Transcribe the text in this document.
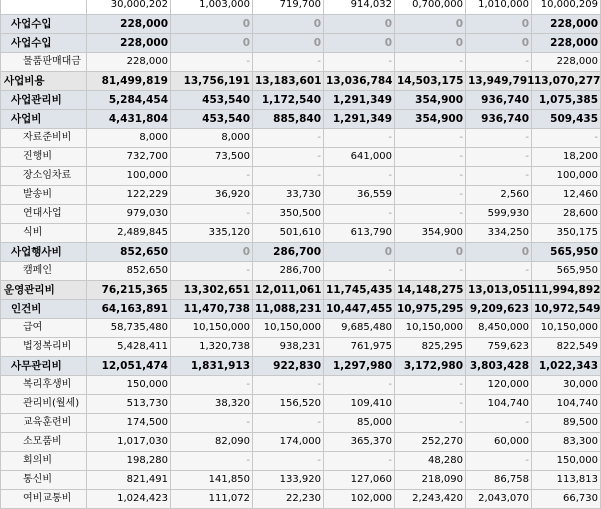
	30,000,202	1,003,000	719,700	914,032	0,700,000	1,010,000	10,000,209
사업수입	228,000	0	0	0	0	0	228,000
사업수입	228,000	0	0	0	0	0	228,000
물품판매대금	228,000	-	-	-	-	-	228,000
사업비용	81,499,819	13,756,191	13,183,601	13,036,784	14,503,175	13,949,791	13,070,277
사업관리비	5,284,454	453,540	1,172,540	1,291,349	354,900	936,740	1,075,385
사업비	4,431,804	453,540	885,840	1,291,349	354,900	936,740	509,435
자료준비비	8,000	8,000	-	-	-	-	-
진행비	732,700	73,500	-	641,000	-	-	18,200
장소임차료	100,000	-	-	-	-	-	100,000
발송비	122,229	36,920	33,730	36,559	-	2,560	12,460
연대사업	979,030	-	350,500	-	-	599,930	28,600
식비	2,489,845	335,120	501,610	613,790	354,900	334,250	350,175
사업행사비	852,650	0	286,700	0	0	0	565,950
캠페인	852,650	-	286,700	-	-	-	565,950
운영관리비	76,215,365	13,302,651	12,011,061	11,745,435	14,148,275	13,013,051	11,994,892
인건비	64,163,891	11,470,738	11,088,231	10,447,455	10,975,295	9,209,623	10,972,549
급여	58,735,480	10,150,000	10,150,000	9,685,480	10,150,000	8,450,000	10,150,000
법정복리비	5,428,411	1,320,738	938,231	761,975	825,295	759,623	822,549
사무관리비	12,051,474	1,831,913	922,830	1,297,980	3,172,980	3,803,428	1,022,343
복리후생비	150,000	-	-	-	-	120,000	30,000
관리비(월세)	513,730	38,320	156,520	109,410	-	104,740	104,740
교육훈련비	174,500	-	-	85,000	-	-	89,500
소모품비	1,017,030	82,090	174,000	365,370	252,270	60,000	83,300
회의비	198,280	-	-	-	48,280	-	150,000
통신비	821,491	141,850	133,920	127,060	218,090	86,758	113,813
여비교통비	1,024,423	111,072	22,230	102,000	2,243,420	2,043,070	66,730
